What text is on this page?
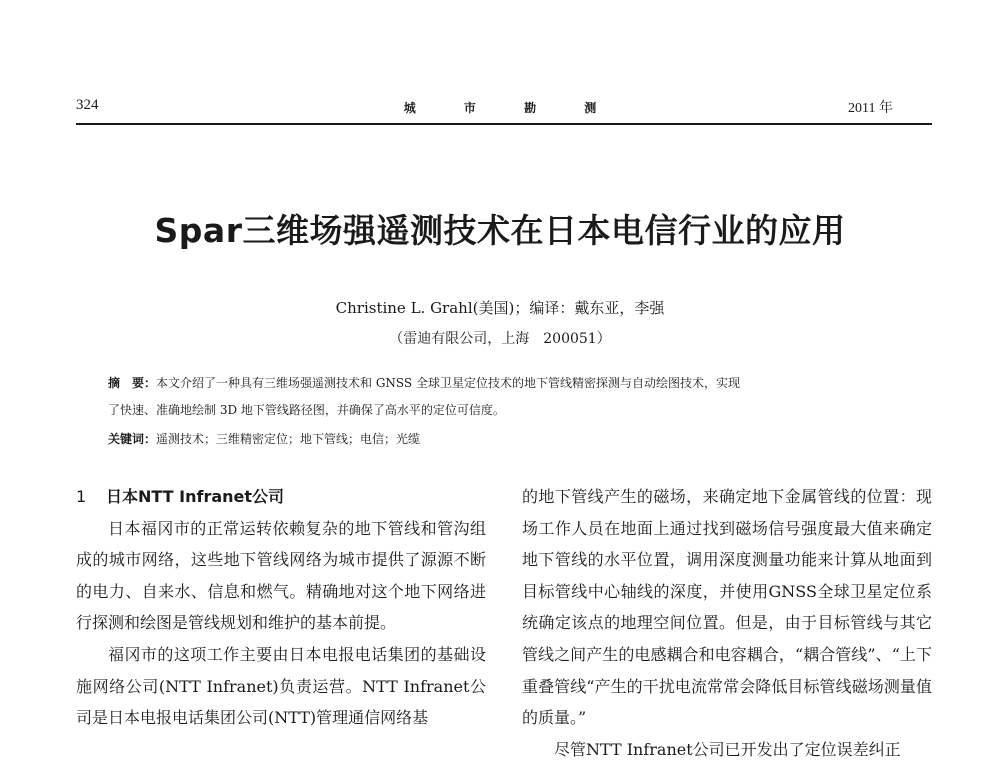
324	城 市 勘 测	2011 年
Spar三维场强遥测技术在日本电信行业的应用
Christine L. Grahl(美国)；编译：戴东亚，李强
（雷迪有限公司，上海　200051）
摘　要：本文介绍了一种具有三维场强遥测技术和 GNSS 全球卫星定位技术的地下管线精密探测与自动绘图技术，实现
了快速、准确地绘制 3D 地下管线路径图，并确保了高水平的定位可信度。
关键词：遥测技术；三维精密定位；地下管线；电信；光缆

1 日本NTT Infranet公司

日本福冈市的正常运转依赖复杂的地下管线和管沟组成的城市网络，这些地下管线网络为城市提供了源源不断的电力、自来水、信息和燃气。精确地对这个地下网络进行探测和绘图是管线规划和维护的基本前提。

福冈市的这项工作主要由日本电报电话集团的基础设施网络公司(NTT Infranet)负责运营。NTT Infranet公司是日本电报电话集团公司(NTT)管理通信网络基

的地下管线产生的磁场，来确定地下金属管线的位置：现场工作人员在地面上通过找到磁场信号强度最大值来确定地下管线的水平位置，调用深度测量功能来计算从地面到目标管线中心轴线的深度，并使用GNSS全球卫星定位系统确定该点的地理空间位置。但是，由于目标管线与其它管线之间产生的电感耦合和电容耦合，“耦合管线”、“上下重叠管线“产生的干扰电流常常会降低目标管线磁场测量值的质量。”

尽管NTT Infranet公司已开发出了定位误差纠正
